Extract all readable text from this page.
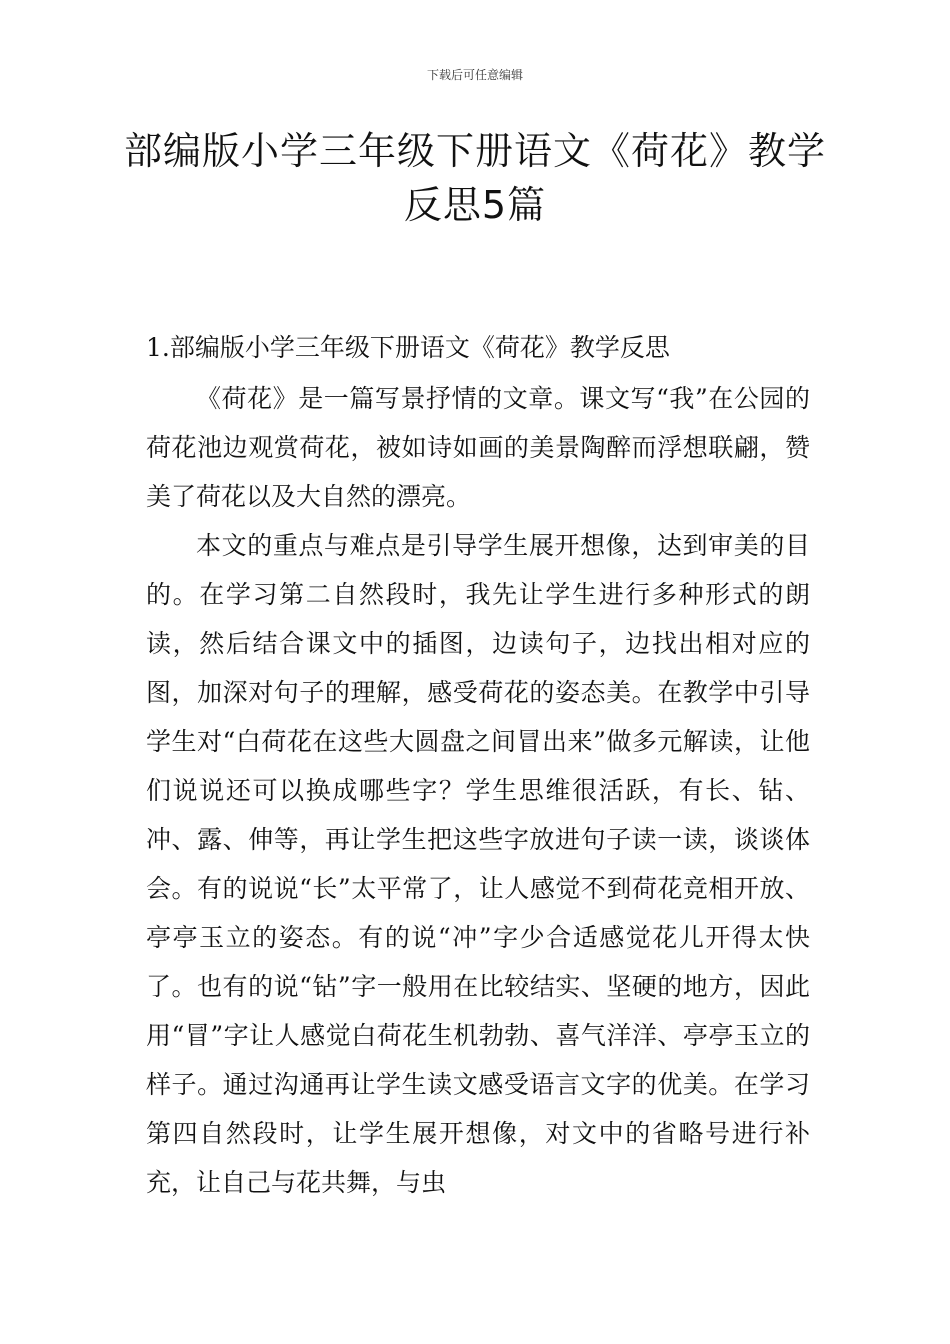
下载后可任意编辑
部编版小学三年级下册语文《荷花》教学
反思5篇
1.部编版小学三年级下册语文《荷花》教学反思

《荷花》是一篇写景抒情的文章。课文写“我”在公园的荷花池边观赏荷花，被如诗如画的美景陶醉而浮想联翩，赞美了荷花以及大自然的漂亮。

本文的重点与难点是引导学生展开想像，达到审美的目的。在学习第二自然段时，我先让学生进行多种形式的朗读，然后结合课文中的插图，边读句子，边找出相对应的图，加深对句子的理解，感受荷花的姿态美。在教学中引导学生对“白荷花在这些大圆盘之间冒出来”做多元解读，让他们说说还可以换成哪些字？学生思维很活跃，有长、钻、冲、露、伸等，再让学生把这些字放进句子读一读，谈谈体会。有的说说“长”太平常了，让人感觉不到荷花竞相开放、亭亭玉立的姿态。有的说“冲”字少合适感觉花儿开得太快了。也有的说“钻”字一般用在比较结实、坚硬的地方，因此用“冒”字让人感觉白荷花生机勃勃、喜气洋洋、亭亭玉立的样子。通过沟通再让学生读文感受语言文字的优美。在学习第四自然段时，让学生展开想像，对文中的省略号进行补充，让自己与花共舞，与虫
